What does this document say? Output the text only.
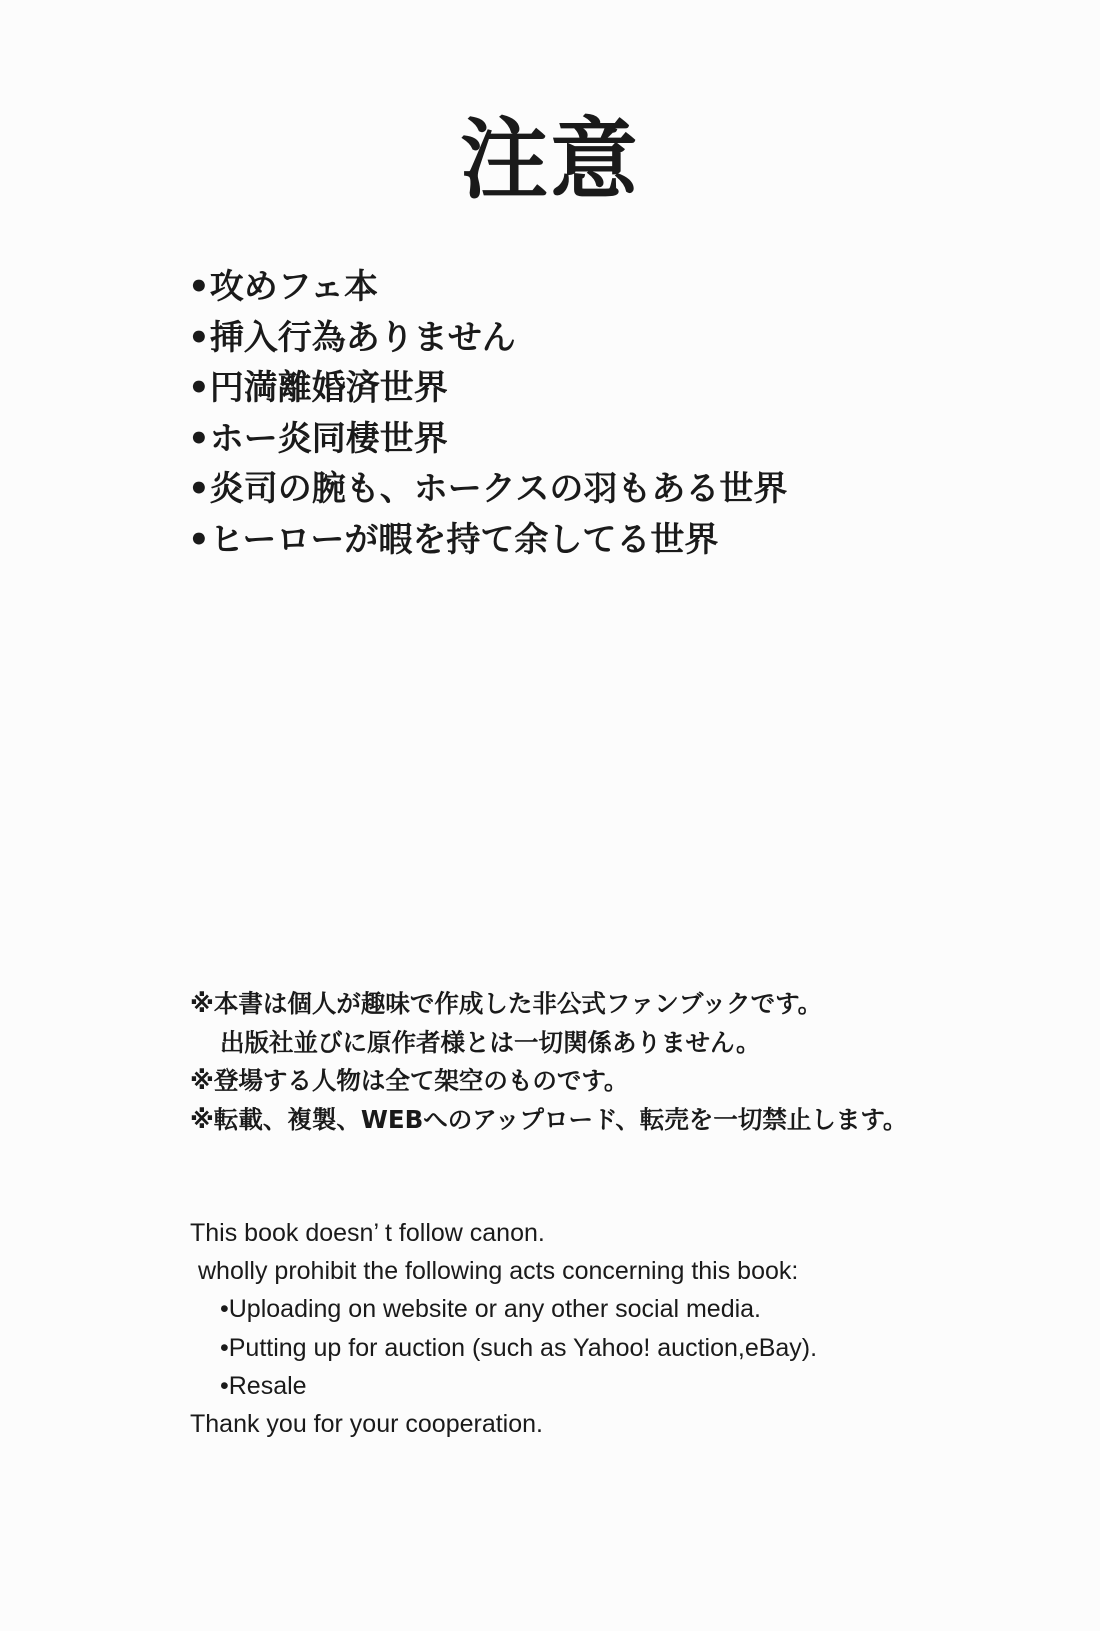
注意
•攻めフェ本
•挿入行為ありません
•円満離婚済世界
•ホー炎同棲世界
•炎司の腕も、ホークスの羽もある世界
•ヒーローが暇を持て余してる世界
※本書は個人が趣味で作成した非公式ファンブックです。
出版社並びに原作者様とは一切関係ありません。
※登場する人物は全て架空のものです。
※転載、複製、WEBへのアップロード、転売を一切禁止します。
This book doesn’ t follow canon.
wholly prohibit the following acts concerning this book:
•Uploading on website or any other social media.
•Putting up for auction (such as Yahoo! auction,eBay).
•Resale
Thank you for your cooperation.
